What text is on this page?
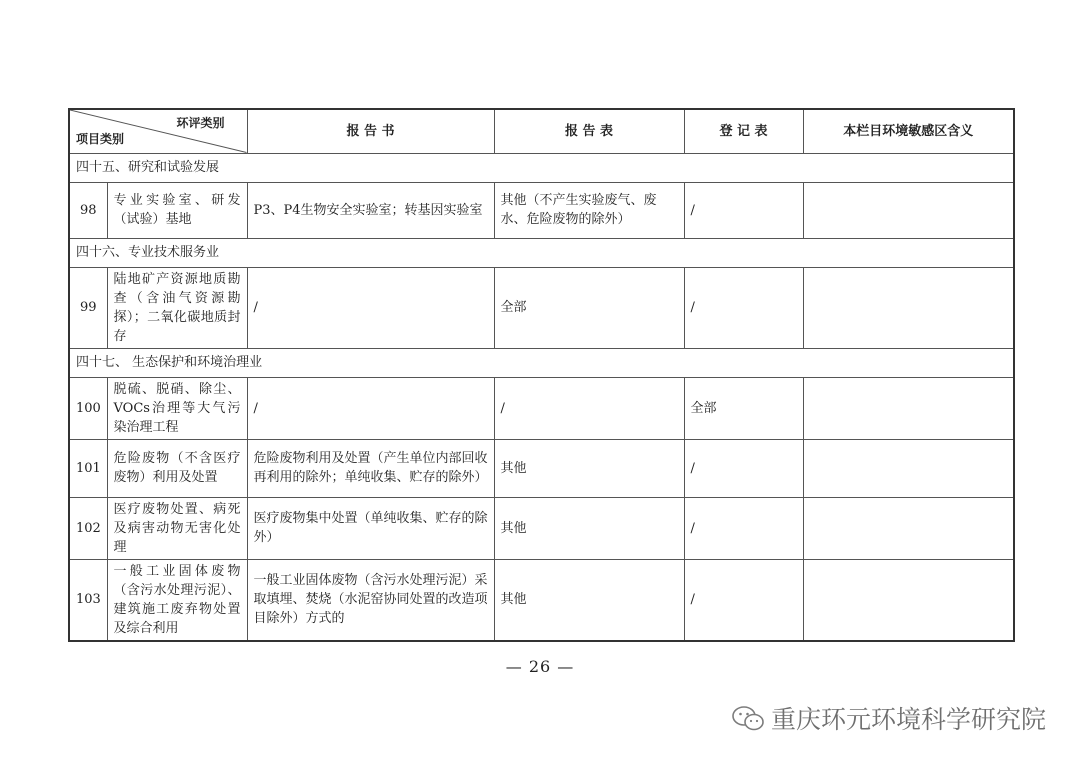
环评类别
项目类别		报 告 书	报 告 表	登 记 表	本栏目环境敏感区含义
四十五、研究和试验发展					
98	专业实验室、研发（试验）基地	P3、P4生物安全实验室；转基因实验室	其他（不产生实验废气、废水、危险废物的除外）	/	
四十六、专业技术服务业					
99	陆地矿产资源地质勘查（含油气资源勘探）；二氧化碳地质封存	/	全部	/	
四十七、 生态保护和环境治理业					
100	脱硫、脱硝、除尘、VOCs治理等大气污染治理工程	/	/	全部	
101	危险废物（不含医疗废物）利用及处置	危险废物利用及处置（产生单位内部回收再利用的除外；单纯收集、贮存的除外）	其他	/	
102	医疗废物处置、病死及病害动物无害化处理	医疗废物集中处置（单纯收集、贮存的除外）	其他	/	
103	一般工业固体废物（含污水处理污泥）、建筑施工废弃物处置及综合利用	一般工业固体废物（含污水处理污泥）采取填埋、焚烧（水泥窑协同处置的改造项目除外）方式的	其他	/	
— 26 —
重庆环元环境科学研究院
